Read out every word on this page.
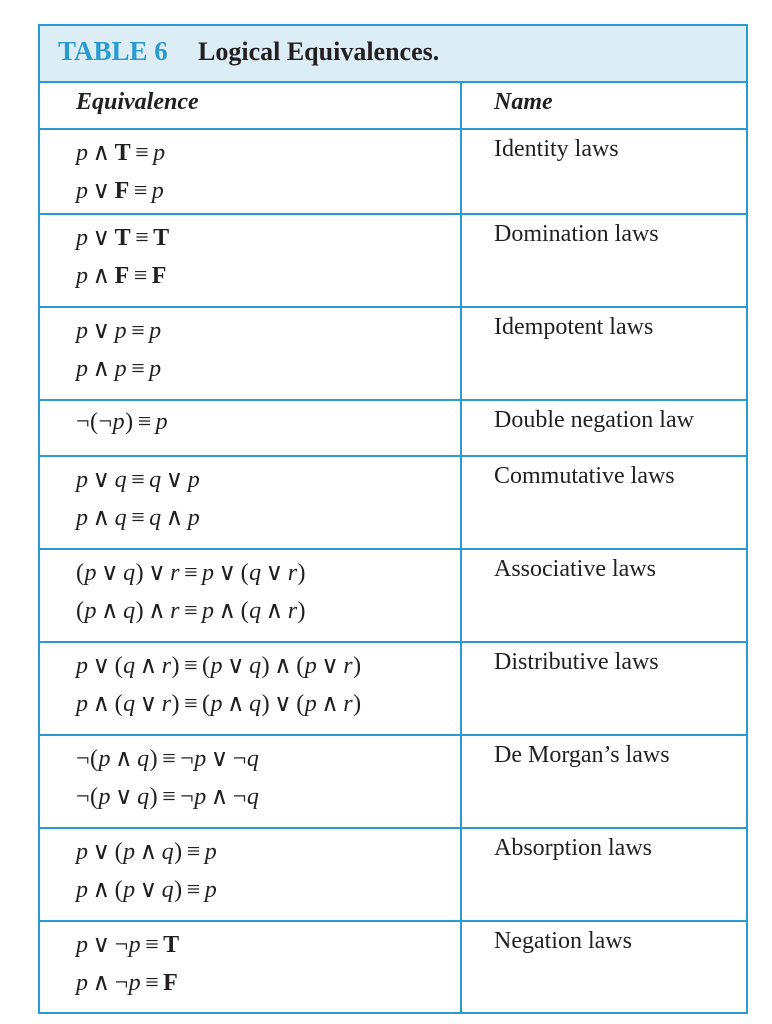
TABLE 6 Logical Equivalences.
Equivalence	Name
p ∧ T ≡ p
p ∨ F ≡ p
Identity laws
p ∨ T ≡ T
p ∧ F ≡ F
Domination laws
p ∨ p ≡ p
p ∧ p ≡ p
Idempotent laws
¬(¬p) ≡ p	Double negation law
p ∨ q ≡ q ∨ p
p ∧ q ≡ q ∧ p
Commutative laws
(p ∨ q) ∨ r ≡ p ∨ (q ∨ r)
(p ∧ q) ∧ r ≡ p ∧ (q ∧ r)
Associative laws
p ∨ (q ∧ r) ≡ (p ∨ q) ∧ (p ∨ r)
p ∧ (q ∨ r) ≡ (p ∧ q) ∨ (p ∧ r)
Distributive laws
¬(p ∧ q) ≡ ¬p ∨ ¬q
¬(p ∨ q) ≡ ¬p ∧ ¬q
De Morgan’s laws
p ∨ (p ∧ q) ≡ p
p ∧ (p ∨ q) ≡ p
Absorption laws
p ∨ ¬p ≡ T
p ∧ ¬p ≡ F
Negation laws
